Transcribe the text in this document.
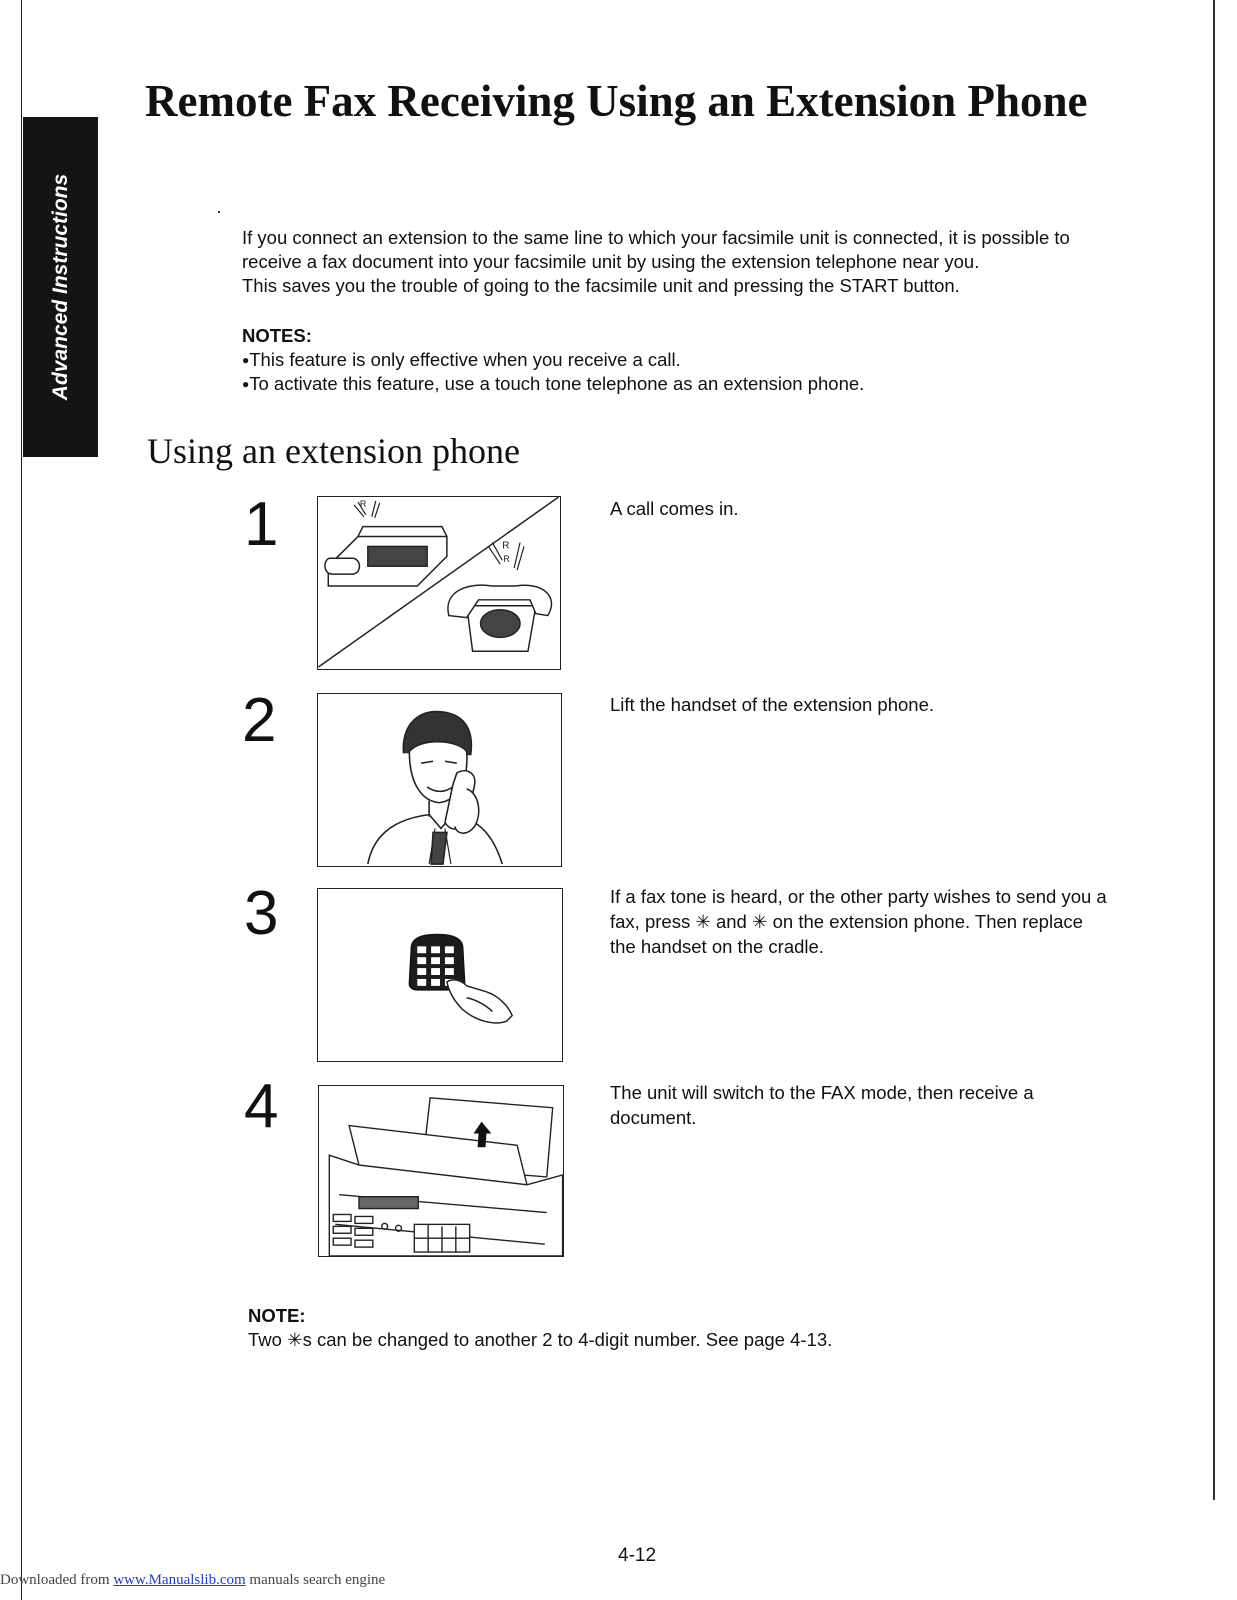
Advanced Instructions
Remote Fax Receiving Using an Extension Phone

If you connect an extension to the same line to which your facsimile unit is connected, it is possible to

receive a fax document into your facsimile unit by using the extension telephone near you.

This saves you the trouble of going to the facsimile unit and pressing the START button.

NOTES:

●This feature is only effective when you receive a call.
●To activate this feature, use a touch tone telephone as an extension phone.
Using an extension phone
1	R
R
R

A call comes in.

2	Lift the handset of the extension phone.

3	If a fax tone is heard, or the other party wishes to send you a fax, press ✳ and ✳ on the extension phone. Then replace the handset on the cradle.

4	The unit will switch to the FAX mode, then receive a document.

NOTE:

Two ✳s can be changed to another 2 to 4-digit number. See page 4-13.

4-12
Downloaded from www.Manualslib.com manuals search engine
